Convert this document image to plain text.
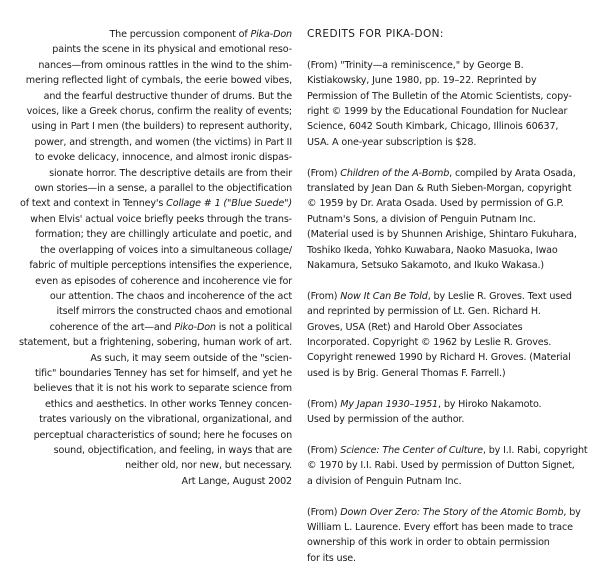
The percussion component of Pika-Don
paints the scene in its physical and emotional reso-
nances—from ominous rattles in the wind to the shim-
mering reflected light of cymbals, the eerie bowed vibes,
and the fearful destructive thunder of drums. But the
voices, like a Greek chorus, confirm the reality of events;
using in Part I men (the builders) to represent authority,
power, and strength, and women (the victims) in Part II
to evoke delicacy, innocence, and almost ironic dispas-
sionate horror. The descriptive details are from their
own stories—in a sense, a parallel to the objectification
of text and context in Tenney's Collage # 1 ("Blue Suede")
when Elvis' actual voice briefly peeks through the trans-
formation; they are chillingly articulate and poetic, and
the overlapping of voices into a simultaneous collage/
fabric of multiple perceptions intensifies the experience,
even as episodes of coherence and incoherence vie for
our attention. The chaos and incoherence of the act
itself mirrors the constructed chaos and emotional
coherence of the art—and Piko-Don is not a political
statement, but a frightening, sobering, human work of art.
As such, it may seem outside of the "scien-
tific" boundaries Tenney has set for himself, and yet he
believes that it is not his work to separate science from
ethics and aesthetics. In other works Tenney concen-
trates variously on the vibrational, organizational, and
perceptual characteristics of sound; here he focuses on
sound, objectification, and feeling, in ways that are
neither old, nor new, but necessary.
Art Lange, August 2002
CREDITS FOR PIKA-DON:
(From) "Trinity—a reminiscence," by George B.
Kistiakowsky, June 1980, pp. 19–22. Reprinted by
Permission of The Bulletin of the Atomic Scientists, copy-
right © 1999 by the Educational Foundation for Nuclear
Science, 6042 South Kimbark, Chicago, Illinois 60637,
USA. A one-year subscription is $28.
(From) Children of the A-Bomb, compiled by Arata Osada,
translated by Jean Dan & Ruth Sieben-Morgan, copyright
© 1959 by Dr. Arata Osada. Used by permission of G.P.
Putnam's Sons, a division of Penguin Putnam Inc.
(Material used is by Shunnen Arishige, Shintaro Fukuhara,
Toshiko Ikeda, Yohko Kuwabara, Naoko Masuoka, Iwao
Nakamura, Setsuko Sakamoto, and Ikuko Wakasa.)
(From) Now It Can Be Told, by Leslie R. Groves. Text used
and reprinted by permission of Lt. Gen. Richard H.
Groves, USA (Ret) and Harold Ober Associates
Incorporated. Copyright © 1962 by Leslie R. Groves.
Copyright renewed 1990 by Richard H. Groves. (Material
used is by Brig. General Thomas F. Farrell.)
(From) My Japan 1930–1951, by Hiroko Nakamoto.
Used by permission of the author.
(From) Science: The Center of Culture, by I.I. Rabi, copyright
© 1970 by I.I. Rabi. Used by permission of Dutton Signet,
a division of Penguin Putnam Inc.
(From) Down Over Zero: The Story of the Atomic Bomb, by
William L. Laurence. Every effort has been made to trace
ownership of this work in order to obtain permission
for its use.
